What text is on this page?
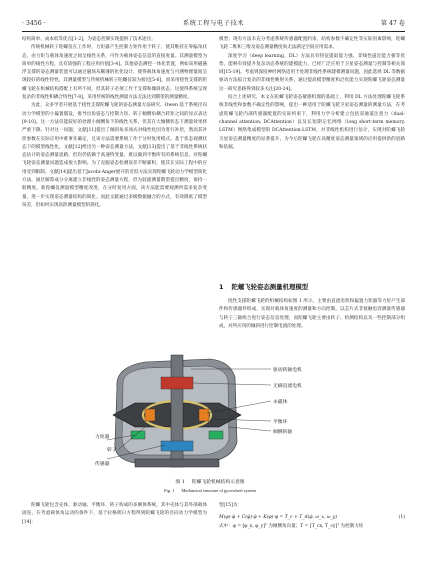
· 3456 ·	系统工程与电子技术	第 47 卷

结构简单、成本低等优点[1-2]，为姿态控制实现提供了技术途径。

传统机械转子陀螺仪在工作时，力矩器产生控制力矩作用于转子，使其维持在零偏角状态，由力矩与载体角速度之间呈线性关系，可作为载体姿态信息的直接度量。其测量模型为简单的线性方程，具有较强的工程应用价值[3-4]。其他姿态测控一体化装置，例如采用磁悬浮支撑的姿态测量装置可以通过磁场从稀薄的化化设计，使得载体角速度与可测物理量间呈现较好的线性特性。其测量模型与传统机械转子陀螺仪较为接近[5-6]，而采用挠性支撑的陀螺飞轮在机械结构搭配上有所不同，但其转子必须工作于支撑和倾斜状态，这使得系统呈现复杂的非线性和耦合特性[7-8]，采用传统的线性测量方法无法达到期望的测量精度。

为此，众多学者开展基于挠性支撑陀螺飞轮的姿态测量方法研究。Owen 基于系统径向动力学模型的小偏置假设，推导出角姿态与控制力矩，转子倾侧角耦合转矩之间的显式表达[9-10]。这一方法仅能较好的处理小倾侧角下的线性关系，但其在大倾侧状态下测量效果将严重下降。针对这一问题，文献[11]提出了倾斜角多项式对线性化因为进行补偿，然而其补偿参数在实际应用中难事先确定，且该方法需要系统工作于分时复用模式。基于状态观测状态下的模型线性化，文献[12]给出另一种姿态测量方法，文献[13]提出了基于非线性系统状态估计的姿态测量思路，但均仍依赖于高速特变量，难以做到平衡所有的系统信息，对陀螺飞轮姿态测量问题造成很大影响。为了克服姿态检测误差不断累积，使其在实际工程中的应用受到限制。文献[14]提出基于Jacobi-Anger展开的近似方法实现陀螺飞轮动力学模型简化方法，通过解算成分分离建立非线性的姿态测量方程，但为较旋测量期望提出精度，保持一般精度。新陀螺仪测量模型精度改进，在分时复用方面，该方法能需要观测所需多复杂变量，进一步实现姿态测量结构的简化。而此文献通过多级数据融合的方式，有效降低了模型误差，但如何实现高阶测量模型的简化。

模型；现有方法未充分考虑系统传感器配置约束、结构参数不确定性等实际因素影响，陀螺飞轮二维和三维及姿态测量精度尚无法满足空间应用需求。

深度学习（deep learning，DL）方法具有特征提取能力强、非线性逼近能力强等优势，能够有效提升复杂动态系统的建模能力，已经广泛应用于卫星姿态测量与控制等相关领域[15-19]。考虑到深度神经网络适用于处理非线性系统建模测量问题，因此选择 DL 等数据驱动方法拟合复杂的非线性映射关系，通过提高模型精度和泛化能力实现陀螺飞轮姿态测量这一研究思路得到较多关注[20-24]。

结合上述研究，本文在陀螺飞轮姿态敏感机理的基础上，利用 DL 方法处理陀螺飞轮系统非线性和参数不确定性的影响，提出一种适用于陀螺飞轮卫星姿态测量的测量方法，在考虑陀螺飞轮内部传感器配置的实际约束下，利用力学分析建立包括双通道注意力（dual-channel attention, DCAttention）以及长短期记忆网络（long short-term memory, LSTM）网络集成模型的 DCAttention-LSTM，对非线性机构进行估计，实现对陀螺飞轮卫星姿态测量精度的显著提升，为今后陀螺飞轮在高精度姿态测量领域的应用提供新的思路和依据。

1 陀螺飞轮姿态测量机理模型

挠性支撑陀螺飞轮的机械结构如图 1 所示，主要由直流电机和偏置力矩器等力矩产生部件和传感器件组成，实现对载体角速度的测量和方向控制。以芯片式非接触电容测量传感器与转子三轴组合进行姿态信息处理，而陀螺飞轮主要由转子、检测结构以及一些控制部分组成，对所应用的倾斜进行控制电流的处理。

驱动转轴电机
无刷直流电机
永磁体
平衡环
倾侧转轴
力矩器
转子
传感器
图 1 陀螺飞轮机械结构示意图
Fig. 1 Mechanical structure of gyrowheel system

陀螺飞轮包含壳体、驱动轴、平衡环、转子构成的多刚体系统。其中壳体与其外部载体固连，在考虑载体角运动的条件下，基于拉格朗日方程得到陀螺飞轮的径向动力学模型为[14]：

型[15]为：

M(φ)·φ̈ + C(φ̇)·φ̇ + K(φ)·φ = T_c + T_d(φ̇, ω_x, ω_y)	(1)

式中：φ = [φ_x, φ_y]ᵀ 为倾侧角向量；T = [T_cx, T_cy]ᵀ 为控制力矩
